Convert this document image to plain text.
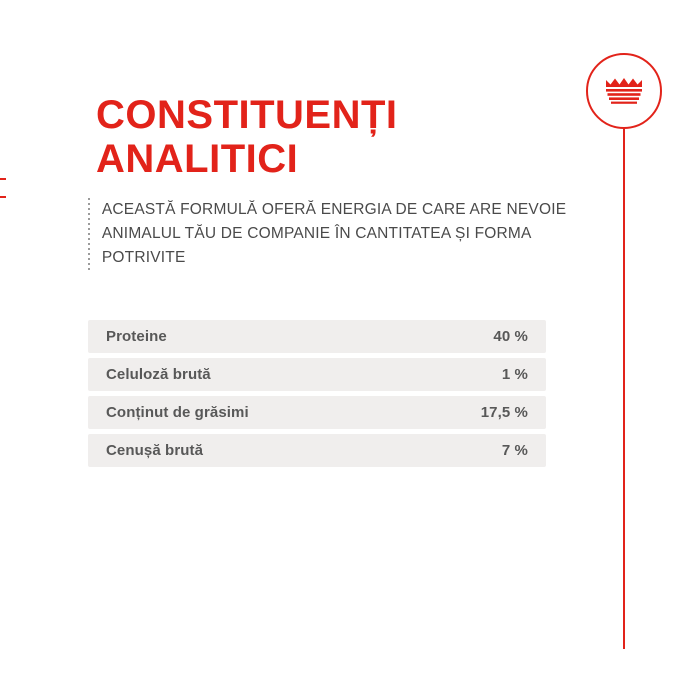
CONSTITUENȚI ANALITICI
ACEASTĂ FORMULĂ OFERĂ ENERGIA DE CARE ARE NEVOIE
ANIMALUL TĂU DE COMPANIE ÎN CANTITATEA ȘI FORMA POTRIVITE
Proteine	40 %
Celuloză brută	1 %
Conținut de grăsimi	17,5 %
Cenușă brută	7 %
